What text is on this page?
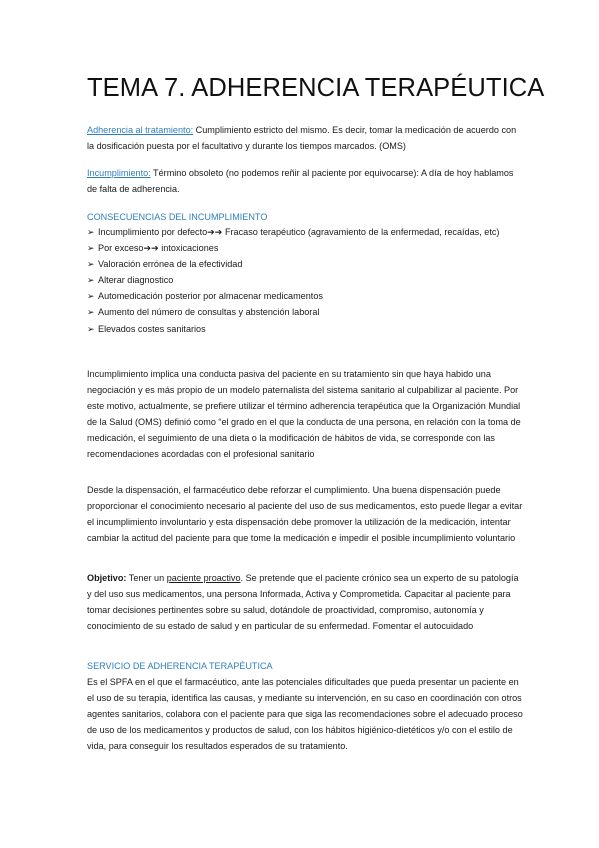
TEMA 7. ADHERENCIA TERAPÉUTICA

Adherencia al tratamiento: Cumplimiento estricto del mismo. Es decir, tomar la medicación de acuerdo con la dosificación puesta por el facultativo y durante los tiempos marcados. (OMS)

Incumplimiento: Término obsoleto (no podemos reñir al paciente por equivocarse): A día de hoy hablamos de falta de adherencia.

CONSECUENCIAS DEL INCUMPLIMIENTO
➢ Incumplimiento por defecto➔➔ Fracaso terapéutico (agravamiento de la enfermedad, recaídas, etc)
➢ Por exceso➔➔ intoxicaciones
➢ Valoración errónea de la efectividad
➢ Alterar diagnostico
➢ Automedicación posterior por almacenar medicamentos
➢ Aumento del número de consultas y abstención laboral
➢ Elevados costes sanitarios

Incumplimiento implica una conducta pasiva del paciente en su tratamiento sin que haya habido una negociación y es más propio de un modelo paternalista del sistema sanitario al culpabilizar al paciente. Por este motivo, actualmente, se prefiere utilizar el término adherencia terapéutica que la Organización Mundial de la Salud (OMS) definió como “el grado en el que la conducta de una persona, en relación con la toma de medicación, el seguimiento de una dieta o la modificación de hábitos de vida, se corresponde con las recomendaciones acordadas con el profesional sanitario

Desde la dispensación, el farmacéutico debe reforzar el cumplimiento. Una buena dispensación puede proporcionar el conocimiento necesario al paciente del uso de sus medicamentos, esto puede llegar a evitar el incumplimiento involuntario y esta dispensación debe promover la utilización de la medicación, intentar cambiar la actitud del paciente para que tome la medicación e impedir el posible incumplimiento voluntario

Objetivo: Tener un paciente proactivo. Se pretende que el paciente crónico sea un experto de su patología y del uso sus medicamentos, una persona Informada, Activa y Comprometida. Capacitar al paciente para tomar decisiones pertinentes sobre su salud, dotándole de proactividad, compromiso, autonomía y conocimiento de su estado de salud y en particular de su enfermedad. Fomentar el autocuidado

SERVICIO DE ADHERENCIA TERAPÉUTICA

Es el SPFA en el que el farmacéutico, ante las potenciales dificultades que pueda presentar un paciente en el uso de su terapia, identifica las causas, y mediante su intervención, en su caso en coordinación con otros agentes sanitarios, colabora con el paciente para que siga las recomendaciones sobre el adecuado proceso de uso de los medicamentos y productos de salud, con los hábitos higiénico-dietéticos y/o con el estilo de vida, para conseguir los resultados esperados de su tratamiento.
